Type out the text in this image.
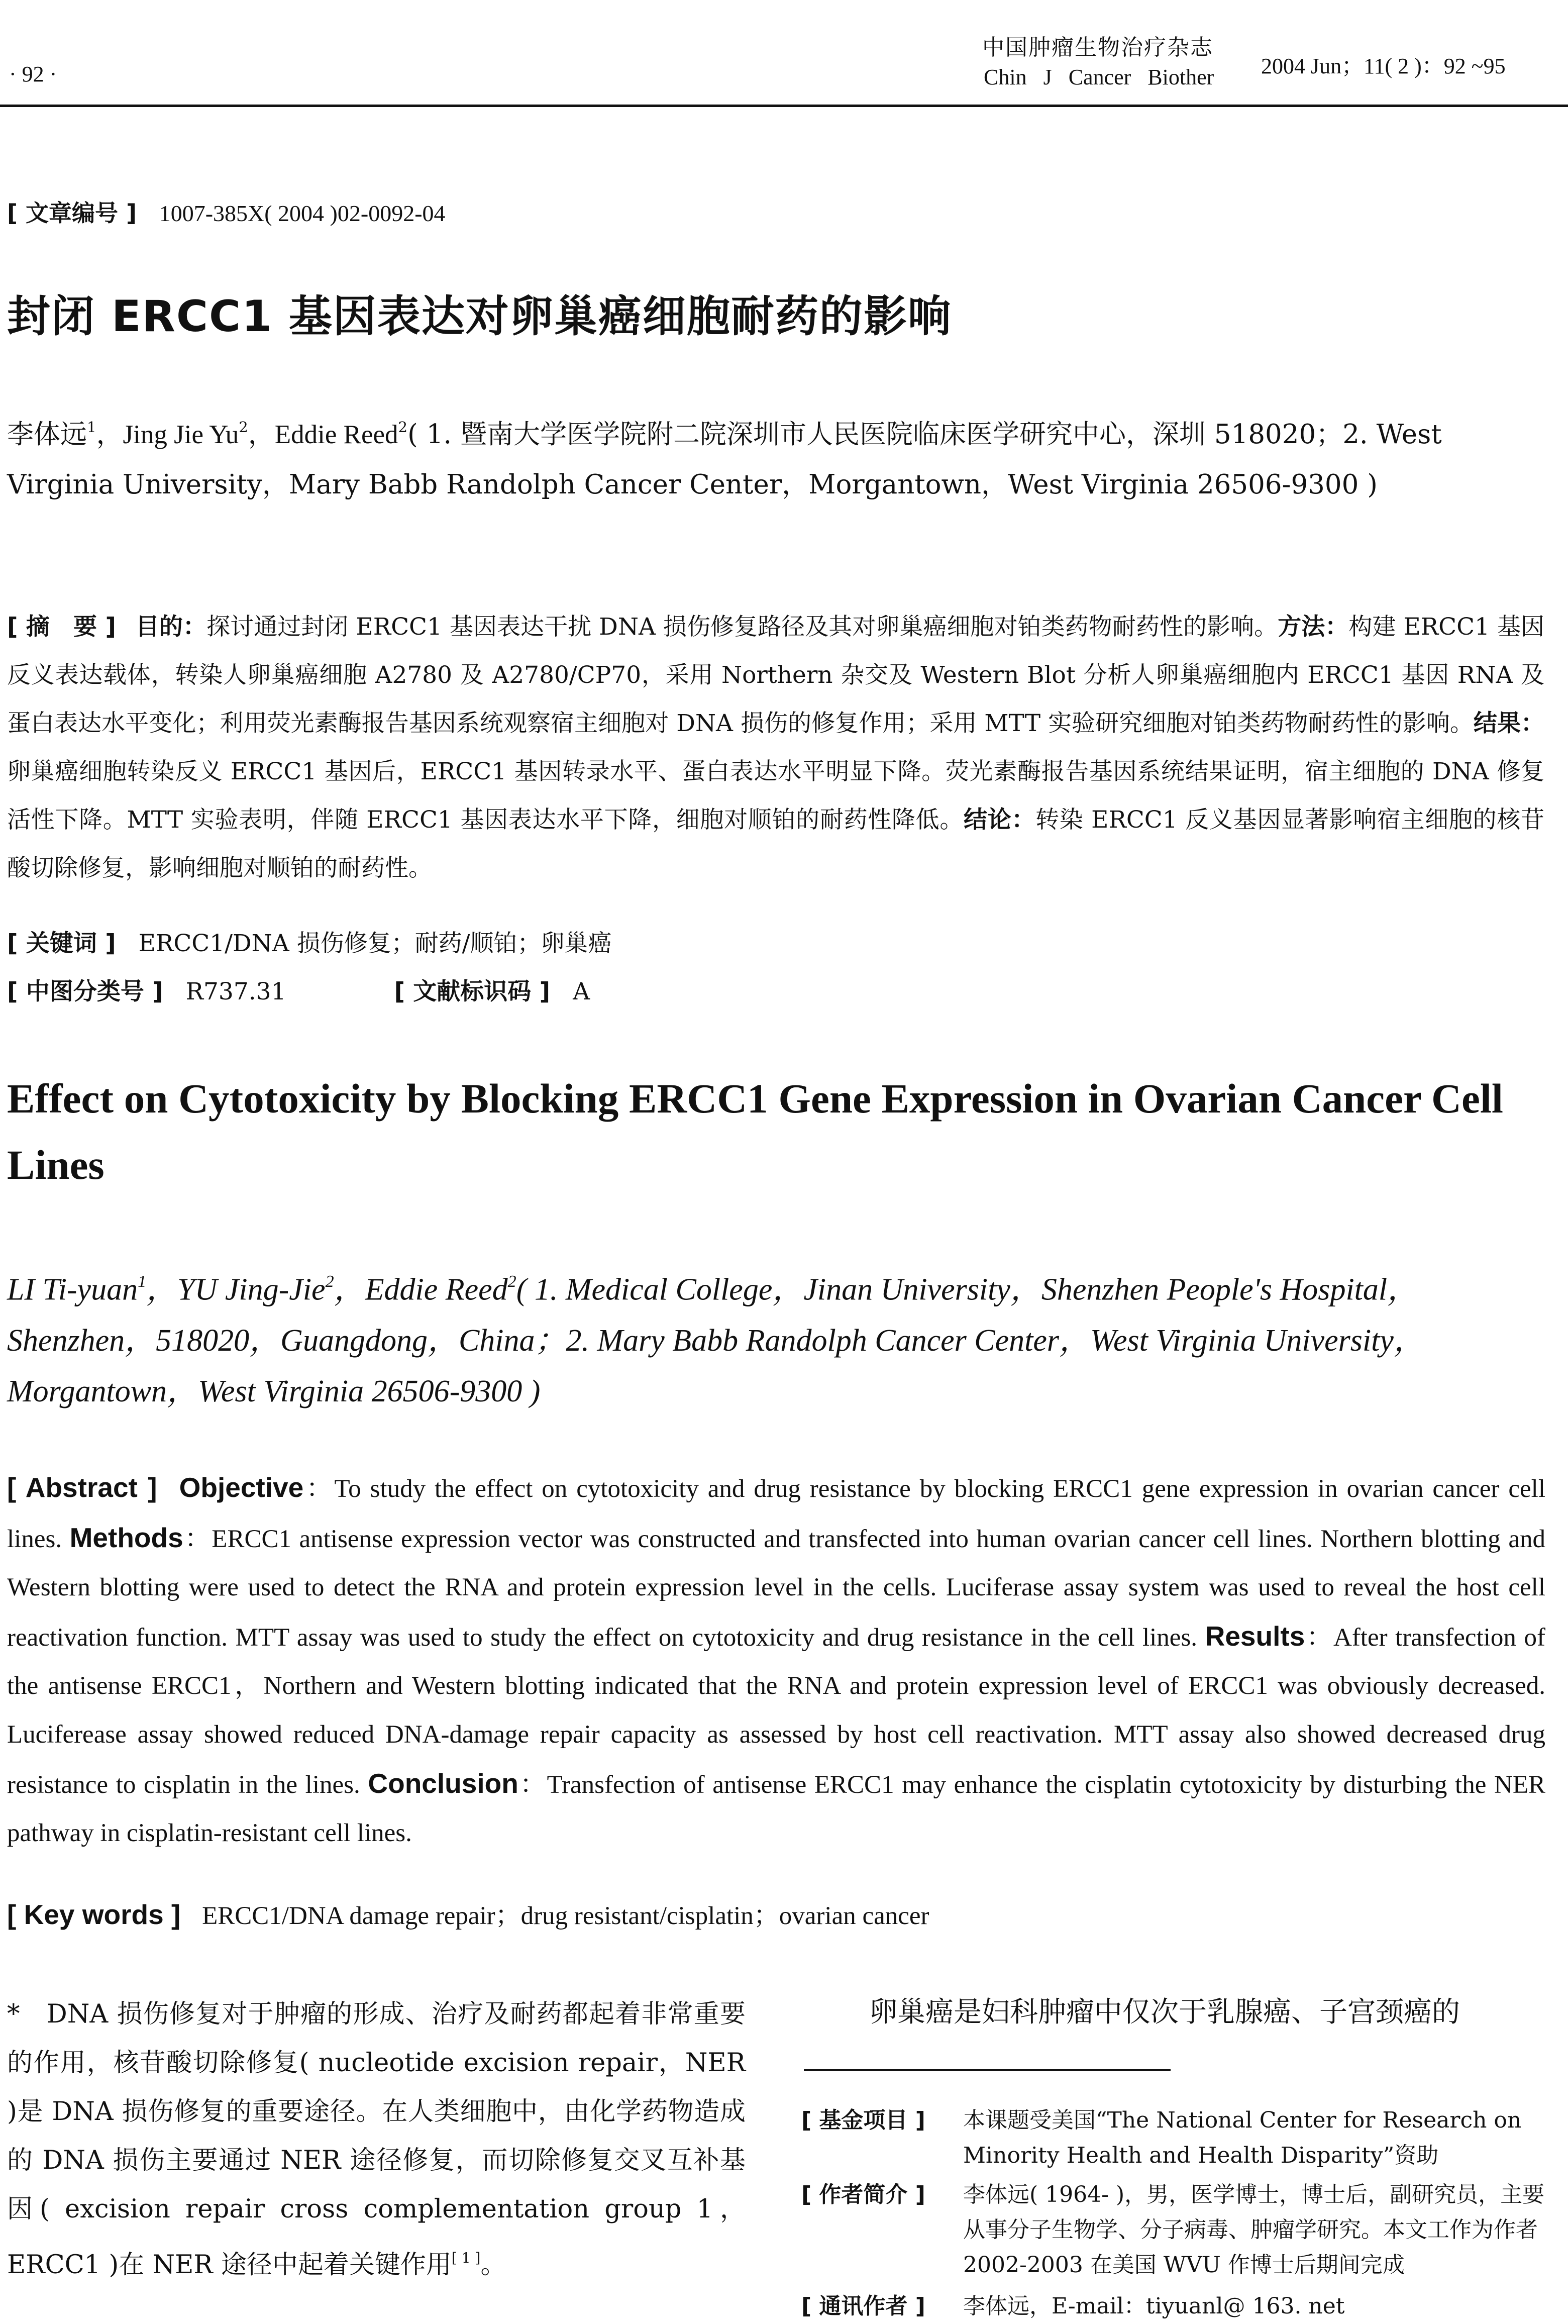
· 92 ·
中国肿瘤生物治疗杂志
Chin J Cancer Biother 2004 Jun；11( 2 )：92 ~95
[ 文章编号 ] 1007-385X( 2004 )02-0092-04
封闭 ERCC1 基因表达对卵巢癌细胞耐药的影响
李体远$^1$，Jing Jie Yu$^2$，Eddie Reed$^2$( 1. 暨南大学医学院附二院深圳市人民医院临床医学研究中心，深圳 518020；2. West Virginia University，Mary Babb Randolph Cancer Center，Morgantown，West Virginia 26506-9300 )
[ 摘　要 ] 目的：探讨通过封闭 ERCC1 基因表达干扰 DNA 损伤修复路径及其对卵巢癌细胞对铂类药物耐药性的影响。方法：构建 ERCC1 基因反义表达载体，转染人卵巢癌细胞 A2780 及 A2780/CP70，采用 Northern 杂交及 Western Blot 分析人卵巢癌细胞内 ERCC1 基因 RNA 及蛋白表达水平变化；利用荧光素酶报告基因系统观察宿主细胞对 DNA 损伤的修复作用；采用 MTT 实验研究细胞对铂类药物耐药性的影响。结果：卵巢癌细胞转染反义 ERCC1 基因后，ERCC1 基因转录水平、蛋白表达水平明显下降。荧光素酶报告基因系统结果证明，宿主细胞的 DNA 修复活性下降。MTT 实验表明，伴随 ERCC1 基因表达水平下降，细胞对顺铂的耐药性降低。结论：转染 ERCC1 反义基因显著影响宿主细胞的核苷酸切除修复，影响细胞对顺铂的耐药性。
[ 关键词 ] ERCC1/DNA 损伤修复；耐药/顺铂；卵巢癌
[ 中图分类号 ] R737.31	[ 文献标识码 ] A
Effect on Cytotoxicity by Blocking ERCC1 Gene Expression in Ovarian Cancer Cell Lines
LI Ti-yuan$^1$，YU Jing-Jie$^2$，Eddie Reed$^2$( 1. Medical College，Jinan University，Shenzhen People's Hospital，Shenzhen，518020，Guangdong，China；2. Mary Babb Randolph Cancer Center，West Virginia University，Morgantown，West Virginia 26506-9300 )
[ Abstract ] Objective：To study the effect on cytotoxicity and drug resistance by blocking ERCC1 gene expression in ovarian cancer cell lines. Methods：ERCC1 antisense expression vector was constructed and transfected into human ovarian cancer cell lines. Northern blotting and Western blotting were used to detect the RNA and protein expression level in the cells. Luciferase assay system was used to reveal the host cell reactivation function. MTT assay was used to study the effect on cytotoxicity and drug resistance in the cell lines. Results：After transfection of the antisense ERCC1，Northern and Western blotting indicated that the RNA and protein expression level of ERCC1 was obviously decreased. Luciferease assay showed reduced DNA-damage repair capacity as assessed by host cell reactivation. MTT assay also showed decreased drug resistance to cisplatin in the lines. Conclusion：Transfection of antisense ERCC1 may enhance the cisplatin cytotoxicity by disturbing the NER pathway in cisplatin-resistant cell lines.
[ Key words ] ERCC1/DNA damage repair；drug resistant/cisplatin；ovarian cancer
*　DNA 损伤修复对于肿瘤的形成、治疗及耐药都起着非常重要的作用，核苷酸切除修复( nucleotide excision repair，NER )是 DNA 损伤修复的重要途径。在人类细胞中，由化学药物造成的 DNA 损伤主要通过 NER 途径修复，而切除修复交叉互补基因( excision repair cross complementation group 1，ERCC1 )在 NER 途径中起着关键作用[ 1 ]。
卵巢癌是妇科肿瘤中仅次于乳腺癌、子宫颈癌的
[ 基金项目 ] 本课题受美国“The National Center for Research on Minority Health and Health Disparity”资助
[ 作者简介 ] 李体远( 1964- )，男，医学博士，博士后，副研究员，主要从事分子生物学、分子病毒、肿瘤学研究。本文工作为作者 2002-2003 在美国 WVU 作博士后期间完成
[ 通讯作者 ] 李体远，E-mail：tiyuanl@ 163. net
